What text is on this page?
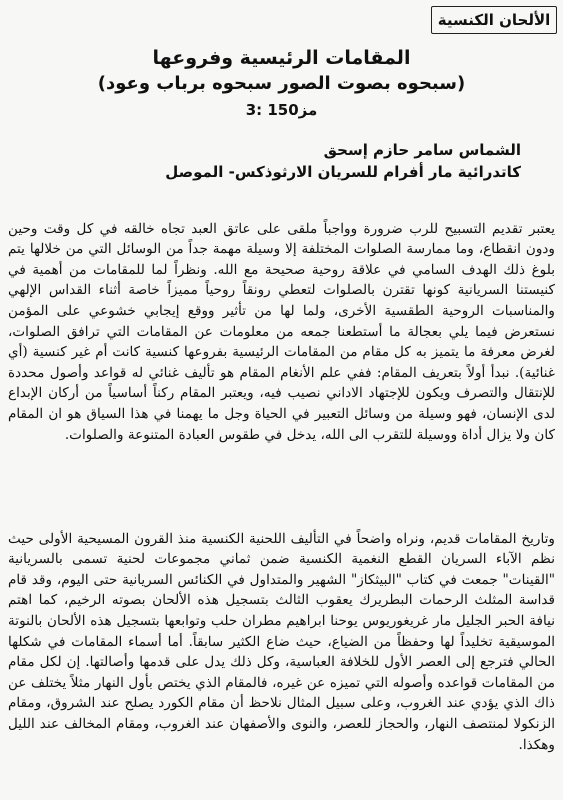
الألحان الكنسية
المقامات الرئيسية وفروعها
(سبحوه بصوت الصور سبحوه برباب وعود)
مز150 :3
الشماس سامر حازم إسحق
كاتدرائية مار أفرام للسريان الارثوذكس- الموصل

يعتبر تقديم التسبيح للرب ضرورة وواجباً ملقى على عاتق العبد تجاه خالقه في كل وقت وحين ودون انقطاع، وما ممارسة الصلوات المختلفة إلا وسيلة مهمة جداً من الوسائل التي من خلالها يتم بلوغ ذلك الهدف السامي في علاقة روحية صحيحة مع الله. ونظراً لما للمقامات من أهمية في كنيستنا السريانية كونها تقترن بالصلوات لتعطي رونقاً روحياً مميزاً خاصة أثناء القداس الإلهي والمناسبات الروحية الطقسية الأخرى، ولما لها من تأثير ووقع إيجابي خشوعي على المؤمن نستعرض فيما يلي بعجالة ما أستطعنا جمعه من معلومات عن المقامات التي ترافق الصلوات، لغرض معرفة ما يتميز به كل مقام من المقامات الرئيسية بفروعها كنسية كانت أم غير كنسية (أي غنائية). نبدأ أولاً بتعريف المقام: ففي علم الأنغام المقام هو تأليف غنائي له قواعد وأصول محددة للإنتقال والتصرف ويكون للإجتهاد الاداني نصيب فيه، ويعتبر المقام ركناً أساسياً من أركان الإبداع لدى الإنسان، فهو وسيلة من وسائل التعبير في الحياة وجل ما يهمنا في هذا السياق هو ان المقام كان ولا يزال أداة ووسيلة للتقرب الى الله، يدخل في طقوس العبادة المتنوعة والصلوات.

وتاريخ المقامات قديم، ونراه واضحاً في التأليف اللحنية الكنسية منذ القرون المسيحية الأولى حيث نظم الآباء السريان القطع النغمية الكنسية ضمن ثماني مجموعات لحنية تسمى بالسريانية "القينات" جمعت في كتاب "البيثكاز" الشهير والمتداول في الكنائس السريانية حتى اليوم، وقد قام قداسة المثلث الرحمات البطريرك يعقوب الثالث بتسجيل هذه الألحان بصوته الرخيم، كما اهتم نيافة الحبر الجليل مار غريغوريوس يوحنا ابراهيم مطران حلب وتوابعها بتسجيل هذه الألحان بالنوتة الموسيقية تخليداً لها وحفظاً من الضياع، حيث ضاع الكثير سابقاً. أما أسماء المقامات في شكلها الحالي فترجع إلى العصر الأول للخلافة العباسية، وكل ذلك يدل على قدمها وأصالتها. إن لكل مقام من المقامات قواعده وأصوله التي تميزه عن غيره، فالمقام الذي يختص بأول النهار مثلاً يختلف عن ذاك الذي يؤدي عند الغروب، وعلى سبيل المثال نلاحظ أن مقام الكورد يصلح عند الشروق، ومقام الزنكولا لمنتصف النهار، والحجاز للعصر، والنوى والأصفهان عند الغروب، ومقام المخالف عند الليل وهكذا.
